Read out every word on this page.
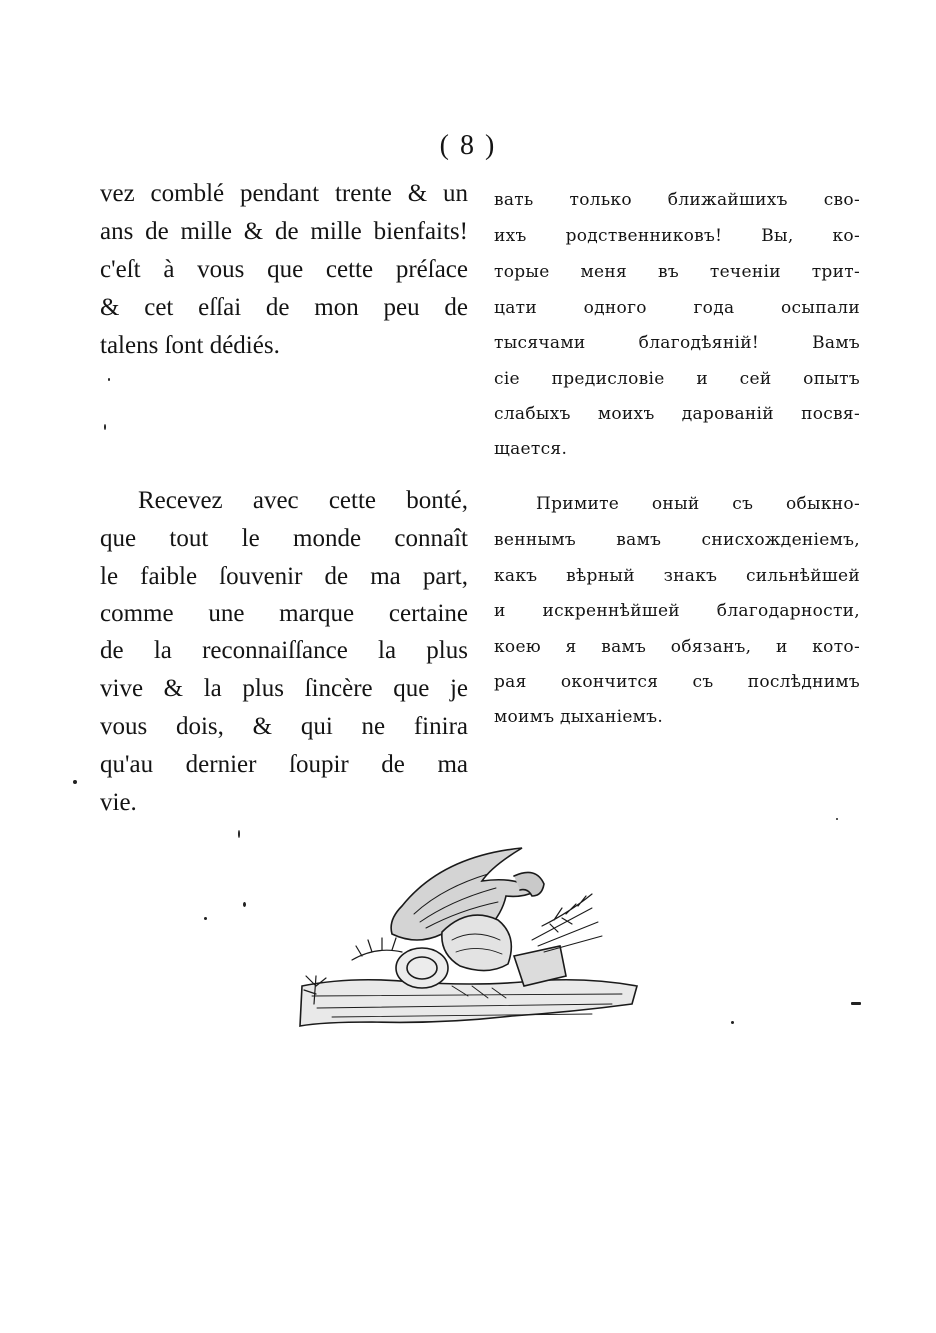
( 8 )
vez comblé pendant trente & un
ans de mille & de mille bienfaits!
c'eſt à vous que cette préſace
& cet eſſai de mon peu de
talens ſont dédiés.
Recevez avec cette bonté,
que tout le monde connaît
le faible ſouvenir de ma part,
comme une marque certaine
de la reconnaiſſance la plus
vive & la plus ſincère que je
vous dois, & qui ne finira
qu'au dernier ſoupir de ma
vie.
вать только ближайшихъ сво-
ихъ родственниковъ! Вы, ко-
торые меня въ теченіи трит-
цати одного года осыпали
тысячами благодѣяній! Вамъ
сіе предисловіе и сей опытъ
слабыхъ моихъ дарованій посвя-
щается.
Примите оный съ обыкно-
веннымъ вамъ снисхожденіемъ,
какъ вѣрный знакъ сильнѣйшей
и искреннѣйшей благодарности,
коею я вамъ обязанъ, и кото-
рая окончится съ послѣднимъ
моимъ дыханіемъ.
